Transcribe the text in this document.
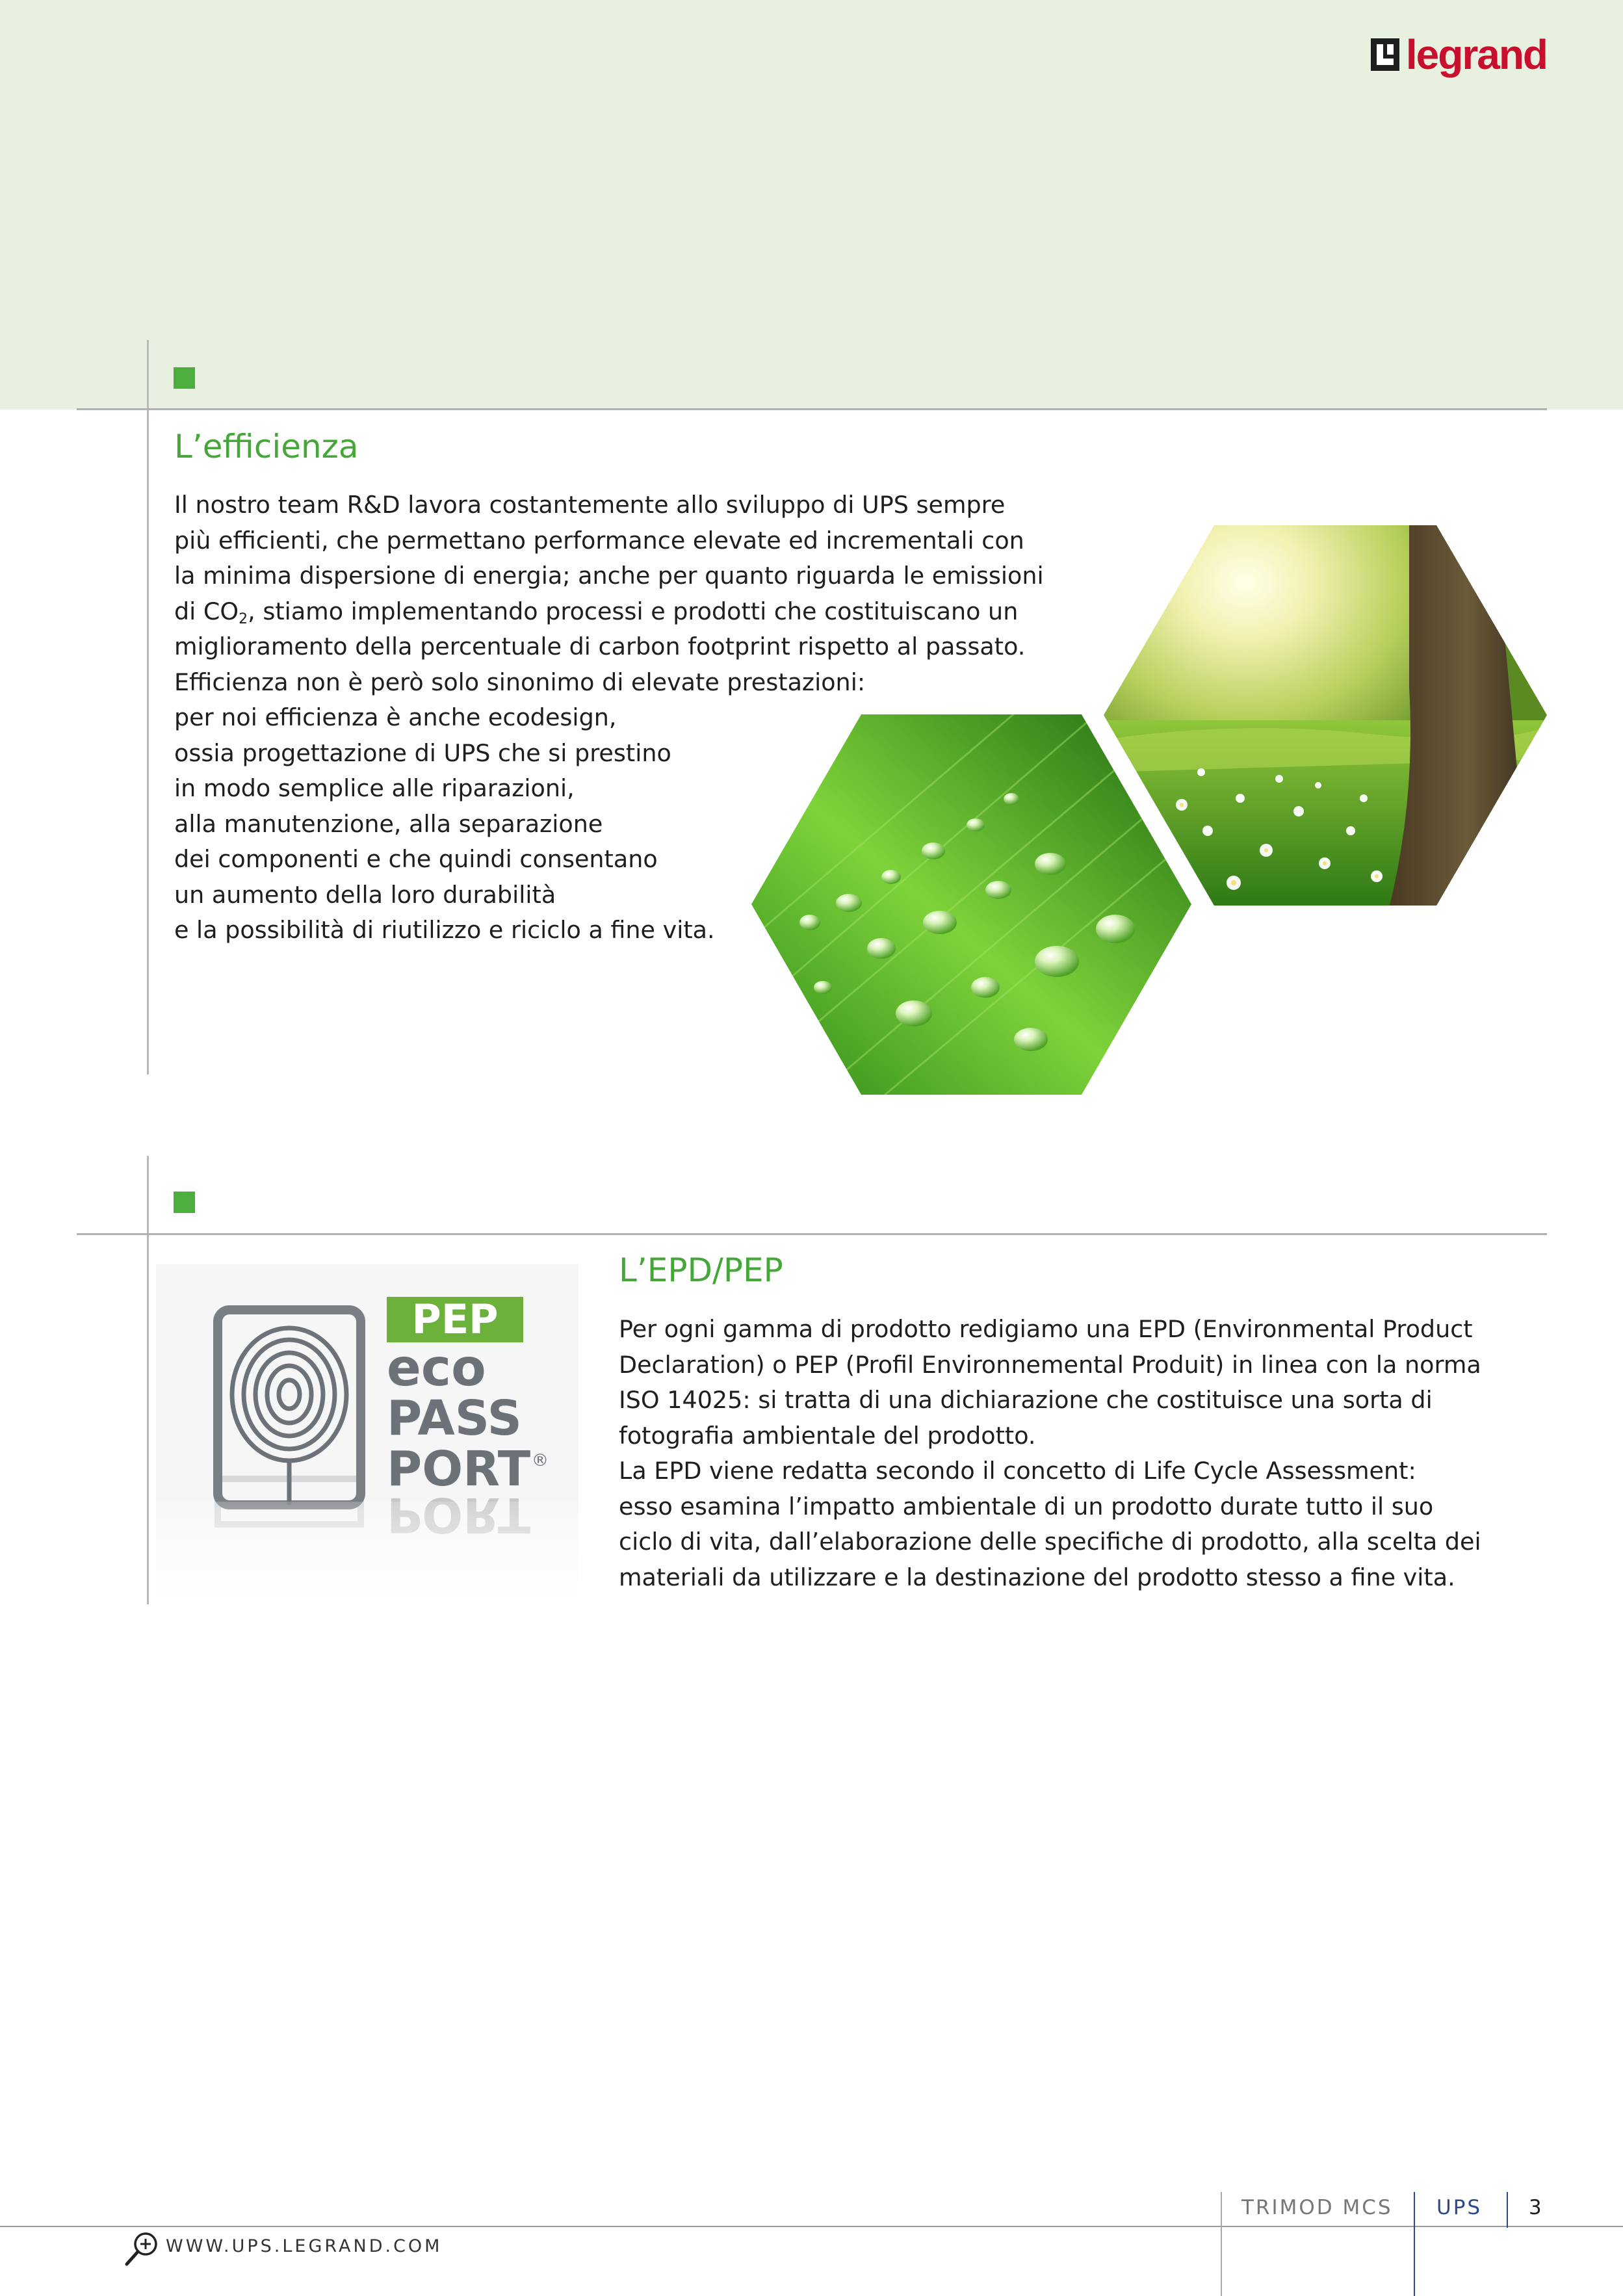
legrand
L’efficienza

Il nostro team R&D lavora costantemente allo sviluppo di UPS sempre
più efficienti, che permettano performance elevate ed incrementali con
la minima dispersione di energia; anche per quanto riguarda le emissioni
di $CO_2$, stiamo implementando processi e prodotti che costituiscano un
miglioramento della percentuale di carbon footprint rispetto al passato.
Efficienza non è però solo sinonimo di elevate prestazioni:
per noi efficienza è anche ecodesign,
ossia progettazione di UPS che si prestino
in modo semplice alle riparazioni,
alla manutenzione, alla separazione
dei componenti e che quindi consentano
un aumento della loro durabilità
e la possibilità di riutilizzo e riciclo a fine vita.

PEP
eco
PASS
PORT ®
L’EPD/PEP

Per ogni gamma di prodotto redigiamo una EPD (Environmental Product
Declaration) o PEP (Profil Environnemental Produit) in linea con la norma
ISO 14025: si tratta di una dichiarazione che costituisce una sorta di
fotografia ambientale del prodotto.
La EPD viene redatta secondo il concetto di Life Cycle Assessment:
esso esamina l’impatto ambientale di un prodotto durate tutto il suo
ciclo di vita, dall’elaborazione delle specifiche di prodotto, alla scelta dei
materiali da utilizzare e la destinazione del prodotto stesso a fine vita.

TRIMOD MCS UPS 3
WWW.UPS.LEGRAND.COM
